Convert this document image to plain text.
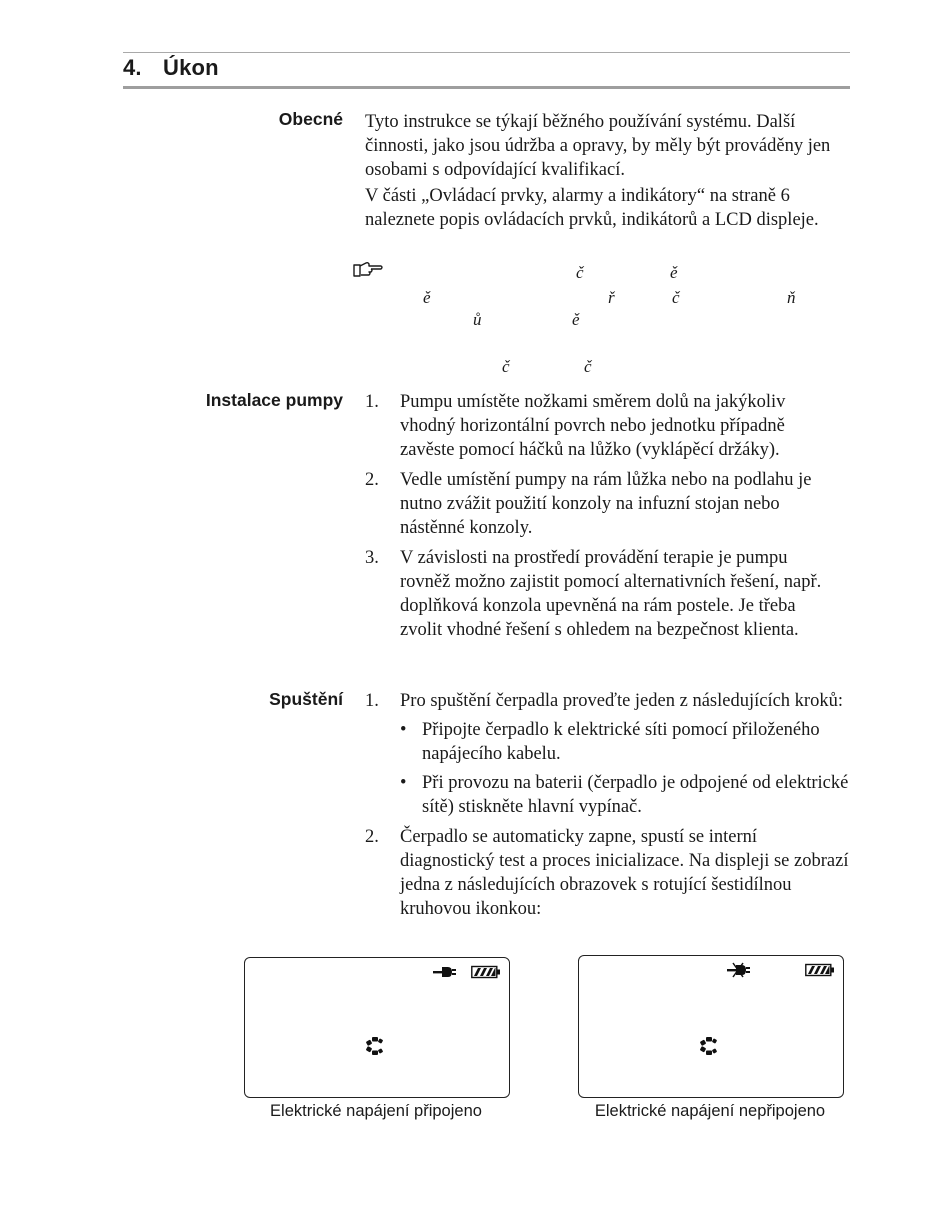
4. Úkon
Obecné Tyto instrukce se týkají běžného používání systému. Další činnosti, jako jsou údržba a opravy, by měly být prováděny jen osobami s odpovídající kvalifikací.

V části „Ovládací prvky, alarmy a indikátory“ na straně 6 naleznete popis ovládacích prvků, indikátorů a LCD displeje.

č	ě
ě	ř	č	ň
ů	ě
č	č
Instalace pumpy 1. Pumpu umístěte nožkami směrem dolů na jakýkoliv vhodný horizontální povrch nebo jednotku případně zavěste pomocí háčků na lůžko (vyklápěcí držáky).
2. Vedle umístění pumpy na rám lůžka nebo na podlahu je nutno zvážit použití konzoly na infuzní stojan nebo nástěnné konzoly.
3. V závislosti na prostředí provádění terapie je pumpu rovněž možno zajistit pomocí alternativních řešení, např. doplňková konzola upevněná na rám postele. Je třeba zvolit vhodné řešení s ohledem na bezpečnost klienta.
Spuštění 1. Pro spuštění čerpadla proveďte jeden z následujících kroků:
• Připojte čerpadlo k elektrické síti pomocí přiloženého napájecího kabelu.
• Při provozu na baterii (čerpadlo je odpojené od elektrické sítě) stiskněte hlavní vypínač.
2. Čerpadlo se automaticky zapne, spustí se interní diagnostický test a proces inicializace. Na displeji se zobrazí jedna z následujících obrazovek s rotující šestidílnou kruhovou ikonkou:
Elektrické napájení připojeno	Elektrické napájení nepřipojeno
